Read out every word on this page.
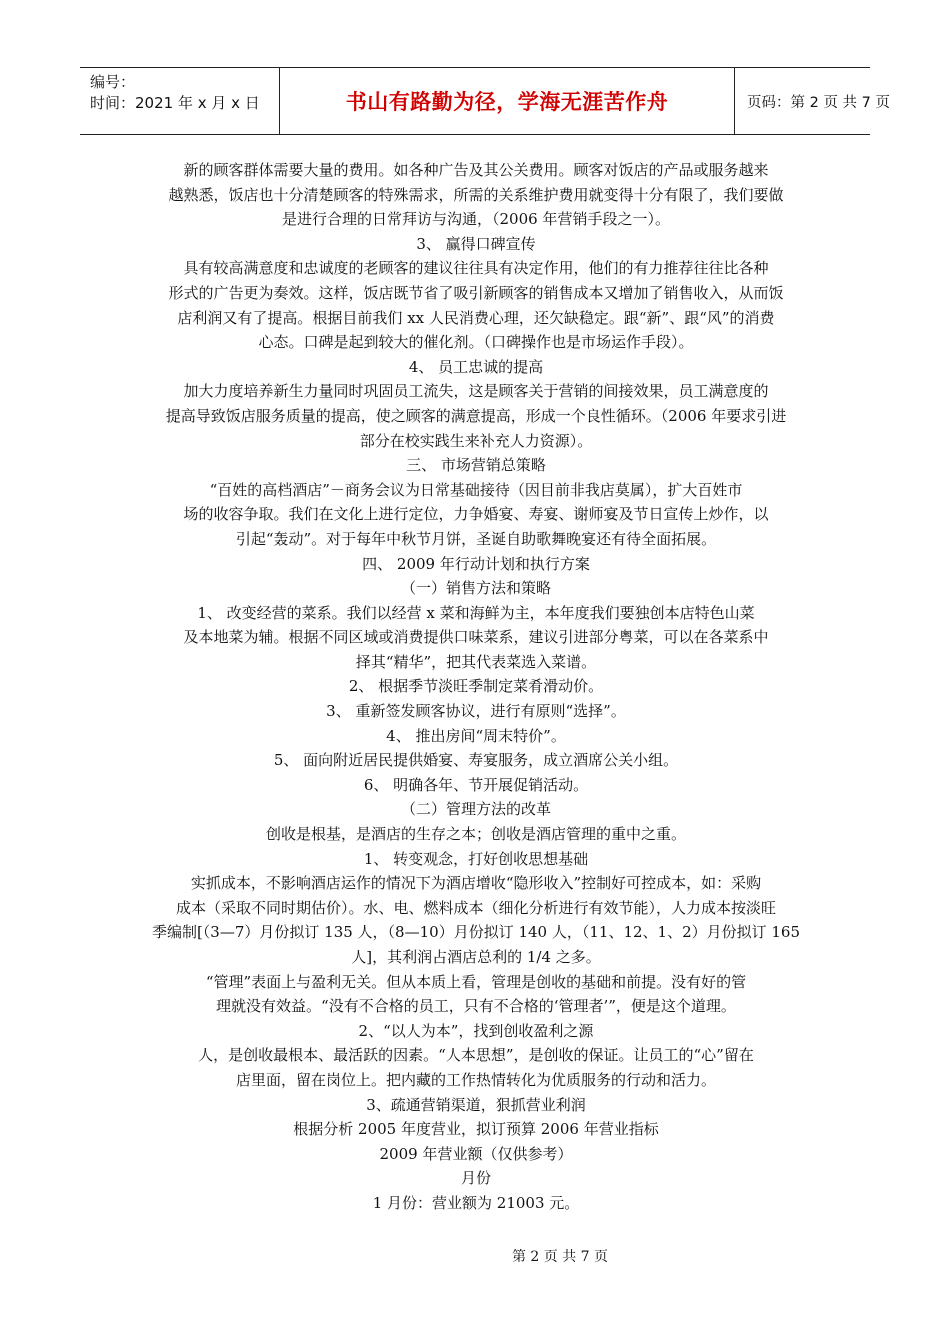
编号：
时间：2021 年 x 月 x 日	书山有路勤为径，学海无涯苦作舟	页码：第 2 页 共 7 页
新的顾客群体需要大量的费用。如各种广告及其公关费用。顾客对饭店的产品或服务越来
越熟悉，饭店也十分清楚顾客的特殊需求，所需的关系维护费用就变得十分有限了，我们要做
是进行合理的日常拜访与沟通，（2006 年营销手段之一）。
3、 赢得口碑宣传
具有较高满意度和忠诚度的老顾客的建议往往具有决定作用，他们的有力推荐往往比各种
形式的广告更为奏效。这样，饭店既节省了吸引新顾客的销售成本又增加了销售收入，从而饭
店利润又有了提高。根据目前我们 xx 人民消费心理，还欠缺稳定。跟“新”、跟“风”的消费
心态。口碑是起到较大的催化剂。（口碑操作也是市场运作手段）。
4、 员工忠诚的提高
加大力度培养新生力量同时巩固员工流失，这是顾客关于营销的间接效果，员工满意度的
提高导致饭店服务质量的提高，使之顾客的满意提高，形成一个良性循环。（2006 年要求引进
部分在校实践生来补充人力资源）。
三、 市场营销总策略
“百姓的高档酒店”－商务会议为日常基础接待（因目前非我店莫属），扩大百姓市
场的收容争取。我们在文化上进行定位，力争婚宴、寿宴、谢师宴及节日宣传上炒作，以
引起“轰动”。对于每年中秋节月饼，圣诞自助歌舞晚宴还有待全面拓展。
四、 2009 年行动计划和执行方案
（一）销售方法和策略
1、 改变经营的菜系。我们以经营 x 菜和海鲜为主，本年度我们要独创本店特色山菜
及本地菜为辅。根据不同区域或消费提供口味菜系，建议引进部分粤菜，可以在各菜系中
择其“精华”，把其代表菜选入菜谱。
2、 根据季节淡旺季制定菜肴滑动价。
3、 重新签发顾客协议，进行有原则“选择”。
4、 推出房间“周末特价”。
5、 面向附近居民提供婚宴、寿宴服务，成立酒席公关小组。
6、 明确各年、节开展促销活动。
（二）管理方法的改革
创收是根基，是酒店的生存之本；创收是酒店管理的重中之重。
1、 转变观念，打好创收思想基础
实抓成本，不影响酒店运作的情况下为酒店增收“隐形收入”控制好可控成本，如：采购
成本（采取不同时期估价）。水、电、燃料成本（细化分析进行有效节能），人力成本按淡旺
季编制[（3—7）月份拟订 135 人，（8—10）月份拟订 140 人，（11、12、1、2）月份拟订 165
人]，其利润占酒店总利的 1/4 之多。
“管理”表面上与盈利无关。但从本质上看，管理是创收的基础和前提。没有好的管
理就没有效益。“没有不合格的员工，只有不合格的‘管理者’”，便是这个道理。
2、“以人为本”，找到创收盈利之源
人，是创收最根本、最活跃的因素。“人本思想”，是创收的保证。让员工的“心”留在
店里面，留在岗位上。把内藏的工作热情转化为优质服务的行动和活力。
3、疏通营销渠道，狠抓营业利润
根据分析 2005 年度营业，拟订预算 2006 年营业指标
2009 年营业额（仅供参考）
月份
1 月份：营业额为 21003 元。
第 2 页 共 7 页
